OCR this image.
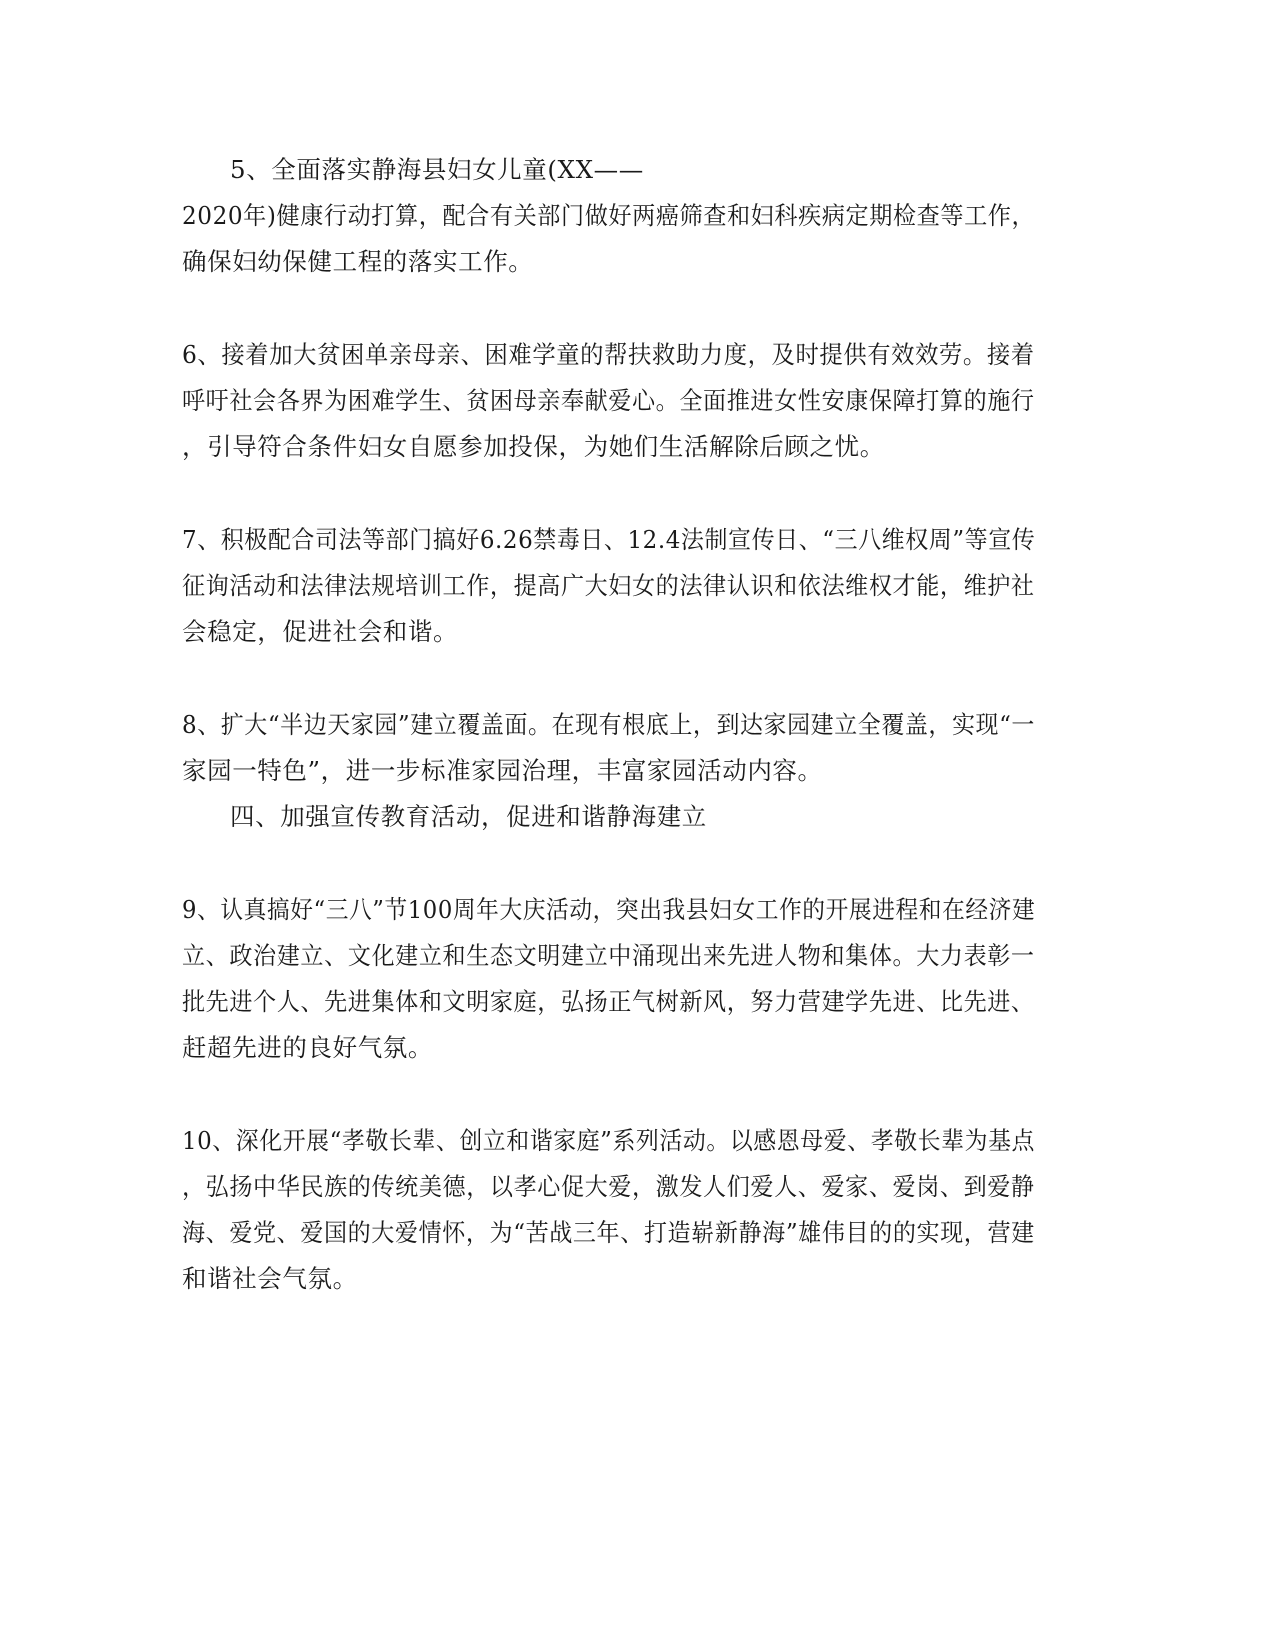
5、全面落实静海县妇女儿童(XX——

2020年)健康行动打算，配合有关部门做好两癌筛查和妇科疾病定期检查等工作，

确保妇幼保健工程的落实工作。

6、接着加大贫困单亲母亲、困难学童的帮扶救助力度，及时提供有效效劳。接着

呼吁社会各界为困难学生、贫困母亲奉献爱心。全面推进女性安康保障打算的施行

，引导符合条件妇女自愿参加投保，为她们生活解除后顾之忧。

7、积极配合司法等部门搞好6.26禁毒日、12.4法制宣传日、“三八维权周”等宣传

征询活动和法律法规培训工作，提高广大妇女的法律认识和依法维权才能，维护社

会稳定，促进社会和谐。

8、扩大“半边天家园”建立覆盖面。在现有根底上，到达家园建立全覆盖，实现“一

家园一特色”，进一步标准家园治理，丰富家园活动内容。

四、加强宣传教育活动，促进和谐静海建立

9、认真搞好“三八”节100周年大庆活动，突出我县妇女工作的开展进程和在经济建

立、政治建立、文化建立和生态文明建立中涌现出来先进人物和集体。大力表彰一

批先进个人、先进集体和文明家庭，弘扬正气树新风，努力营建学先进、比先进、

赶超先进的良好气氛。

10、深化开展“孝敬长辈、创立和谐家庭”系列活动。以感恩母爱、孝敬长辈为基点

，弘扬中华民族的传统美德，以孝心促大爱，激发人们爱人、爱家、爱岗、到爱静

海、爱党、爱国的大爱情怀，为“苦战三年、打造崭新静海”雄伟目的的实现，营建

和谐社会气氛。
